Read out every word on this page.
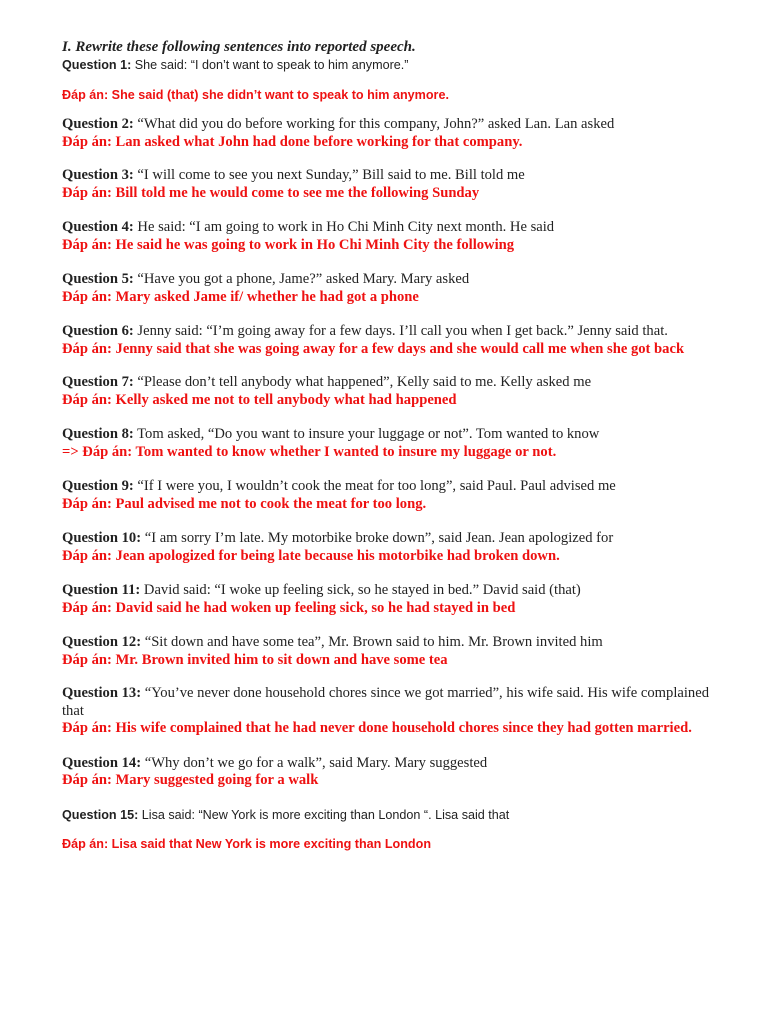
I. Rewrite these following sentences into reported speech.
Question 1: She said: “I don’t want to speak to him anymore.”
Đáp án: She said (that) she didn’t want to speak to him anymore.
Question 2: “What did you do before working for this company, John?” asked Lan. Lan asked
Đáp án: Lan asked what John had done before working for that company.
Question 3: “I will come to see you next Sunday,” Bill said to me. Bill told me
Đáp án: Bill told me he would come to see me the following Sunday
Question 4: He said: “I am going to work in Ho Chi Minh City next month. He said
Đáp án: He said he was going to work in Ho Chi Minh City the following
Question 5: “Have you got a phone, Jame?” asked Mary. Mary asked
Đáp án: Mary asked Jame if/ whether he had got a phone
Question 6: Jenny said: “I’m going away for a few days. I’ll call you when I get back.” Jenny said that.
Đáp án: Jenny said that she was going away for a few days and she would call me when she got back
Question 7: “Please don’t tell anybody what happened”, Kelly said to me. Kelly asked me
Đáp án: Kelly asked me not to tell anybody what had happened
Question 8: Tom asked, “Do you want to insure your luggage or not”. Tom wanted to know
=> Đáp án: Tom wanted to know whether I wanted to insure my luggage or not.
Question 9: “If I were you, I wouldn’t cook the meat for too long”, said Paul. Paul advised me
Đáp án: Paul advised me not to cook the meat for too long.
Question 10: “I am sorry I’m late. My motorbike broke down”, said Jean. Jean apologized for
Đáp án: Jean apologized for being late because his motorbike had broken down.
Question 11: David said: “I woke up feeling sick, so he stayed in bed.” David said (that)
Đáp án: David said he had woken up feeling sick, so he had stayed in bed
Question 12: “Sit down and have some tea”, Mr. Brown said to him. Mr. Brown invited him
Đáp án: Mr. Brown invited him to sit down and have some tea
Question 13: “You’ve never done household chores since we got married”, his wife said. His wife complained
that
Đáp án: His wife complained that he had never done household chores since they had gotten married.
Question 14: “Why don’t we go for a walk”, said Mary. Mary suggested
Đáp án: Mary suggested going for a walk
Question 15: Lisa said: “New York is more exciting than London “. Lisa said that
Đáp án: Lisa said that New York is more exciting than London
